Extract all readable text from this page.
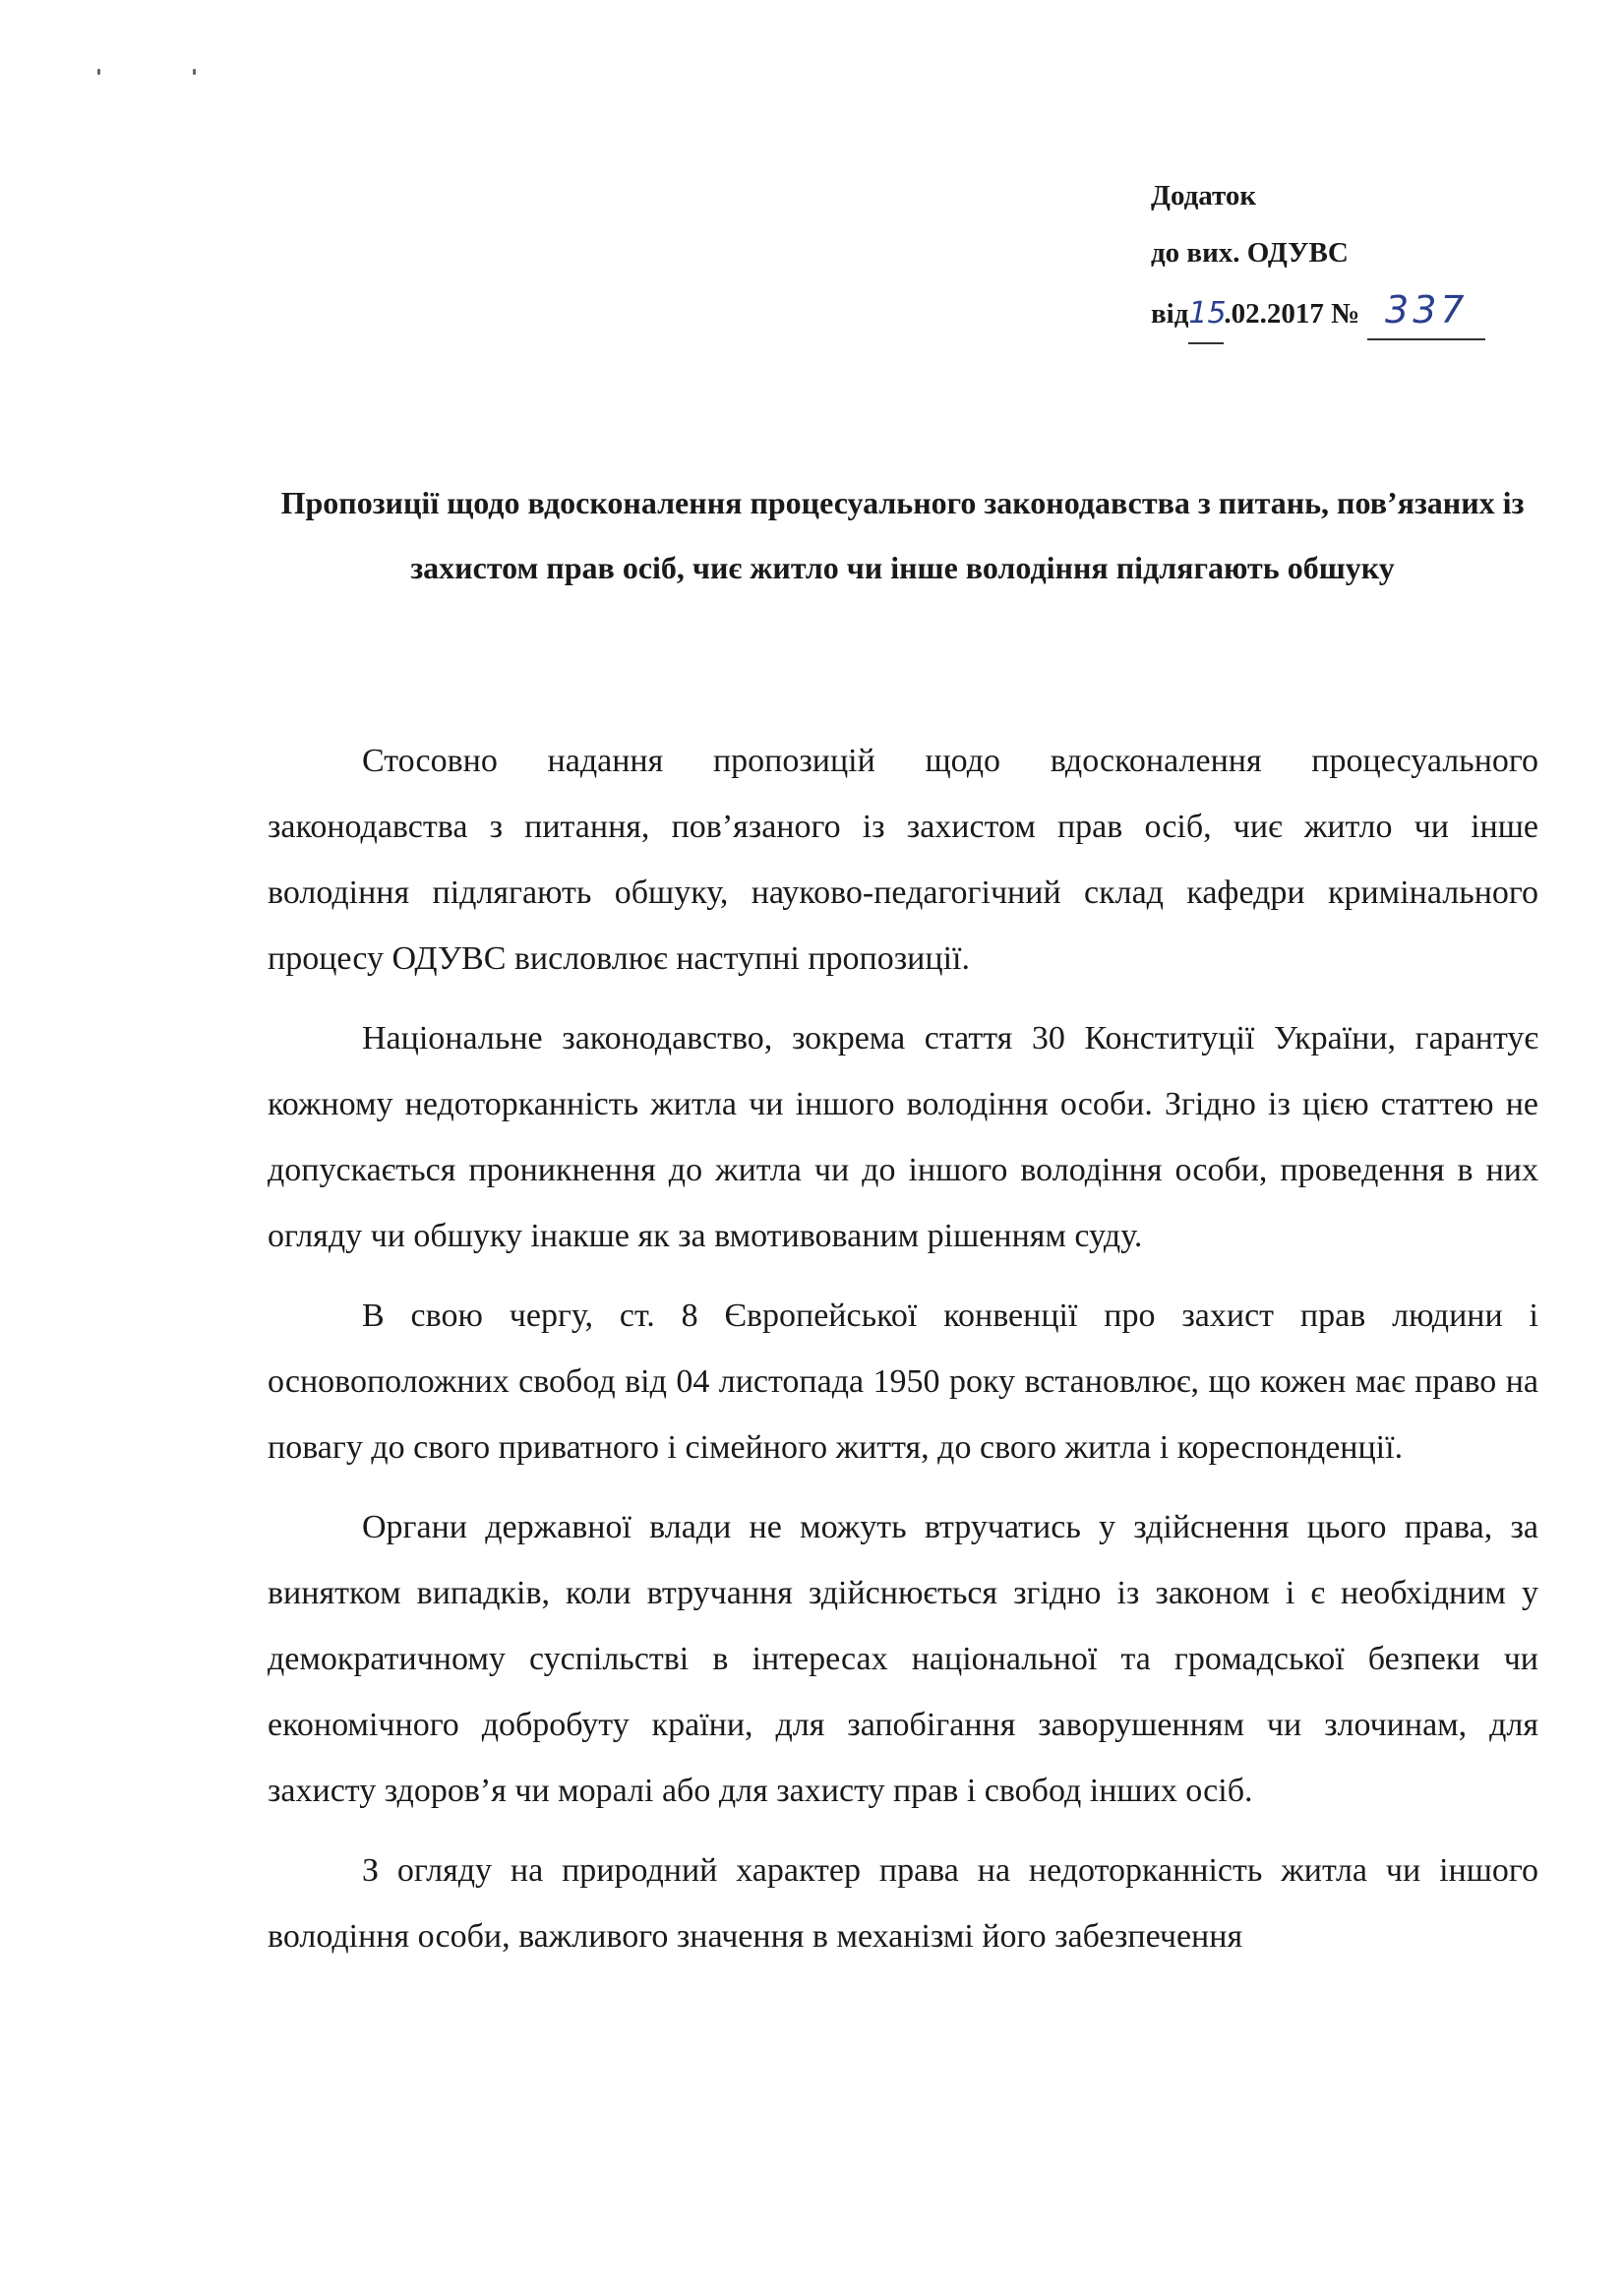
Додаток
до вих. ОДУВС
від15.02.2017 № 337
Пропозиції щодо вдосконалення процесуального законодавства з питань, пов’язаних із захистом прав осіб, чиє житло чи інше володіння підлягають обшуку

Стосовно надання пропозицій щодо вдосконалення процесуального законодавства з питання, пов’язаного із захистом прав осіб, чиє житло чи інше володіння підлягають обшуку, науково-педагогічний склад кафедри кримінального процесу ОДУВС висловлює наступні пропозиції.

Національне законодавство, зокрема стаття 30 Конституції України, гарантує кожному недоторканність житла чи іншого володіння особи. Згідно із цією статтею не допускається проникнення до житла чи до іншого володіння особи, проведення в них огляду чи обшуку інакше як за вмотивованим рішенням суду.

В свою чергу, ст. 8 Європейської конвенції про захист прав людини і основоположних свобод від 04 листопада 1950 року встановлює, що кожен має право на повагу до свого приватного і сімейного життя, до свого житла і кореспонденції.

Органи державної влади не можуть втручатись у здійснення цього права, за винятком випадків, коли втручання здійснюється згідно із законом і є необхідним у демократичному суспільстві в інтересах національної та громадської безпеки чи економічного добробуту країни, для запобігання заворушенням чи злочинам, для захисту здоров’я чи моралі або для захисту прав і свобод інших осіб.

З огляду на природний характер права на недоторканність житла чи іншого володіння особи, важливого значення в механізмі його забезпечення
